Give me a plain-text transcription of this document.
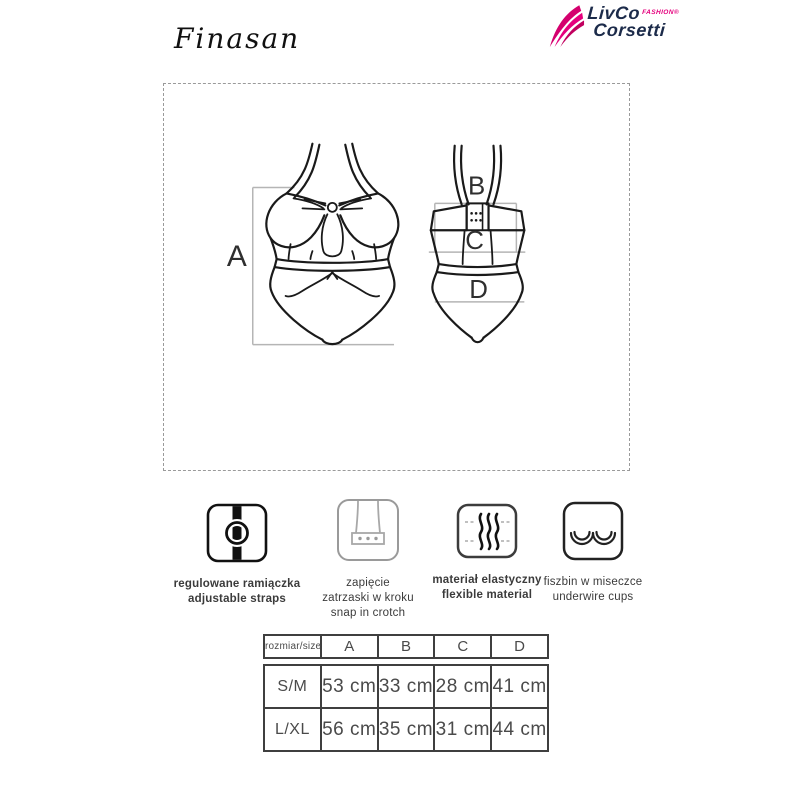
Finasan
LivCo FASHION®
Corsetti
A
B
C
D
regulowane ramiączka
adjustable straps
zapięcie
zatrzaski w kroku
snap in crotch
materiał elastyczny
flexible material
fiszbin w miseczce
underwire cups
rozmiar/size	A	B	C	D
S/M	53 cm	33 cm	28 cm	41 cm
L/XL	56 cm	35 cm	31 cm	44 cm
